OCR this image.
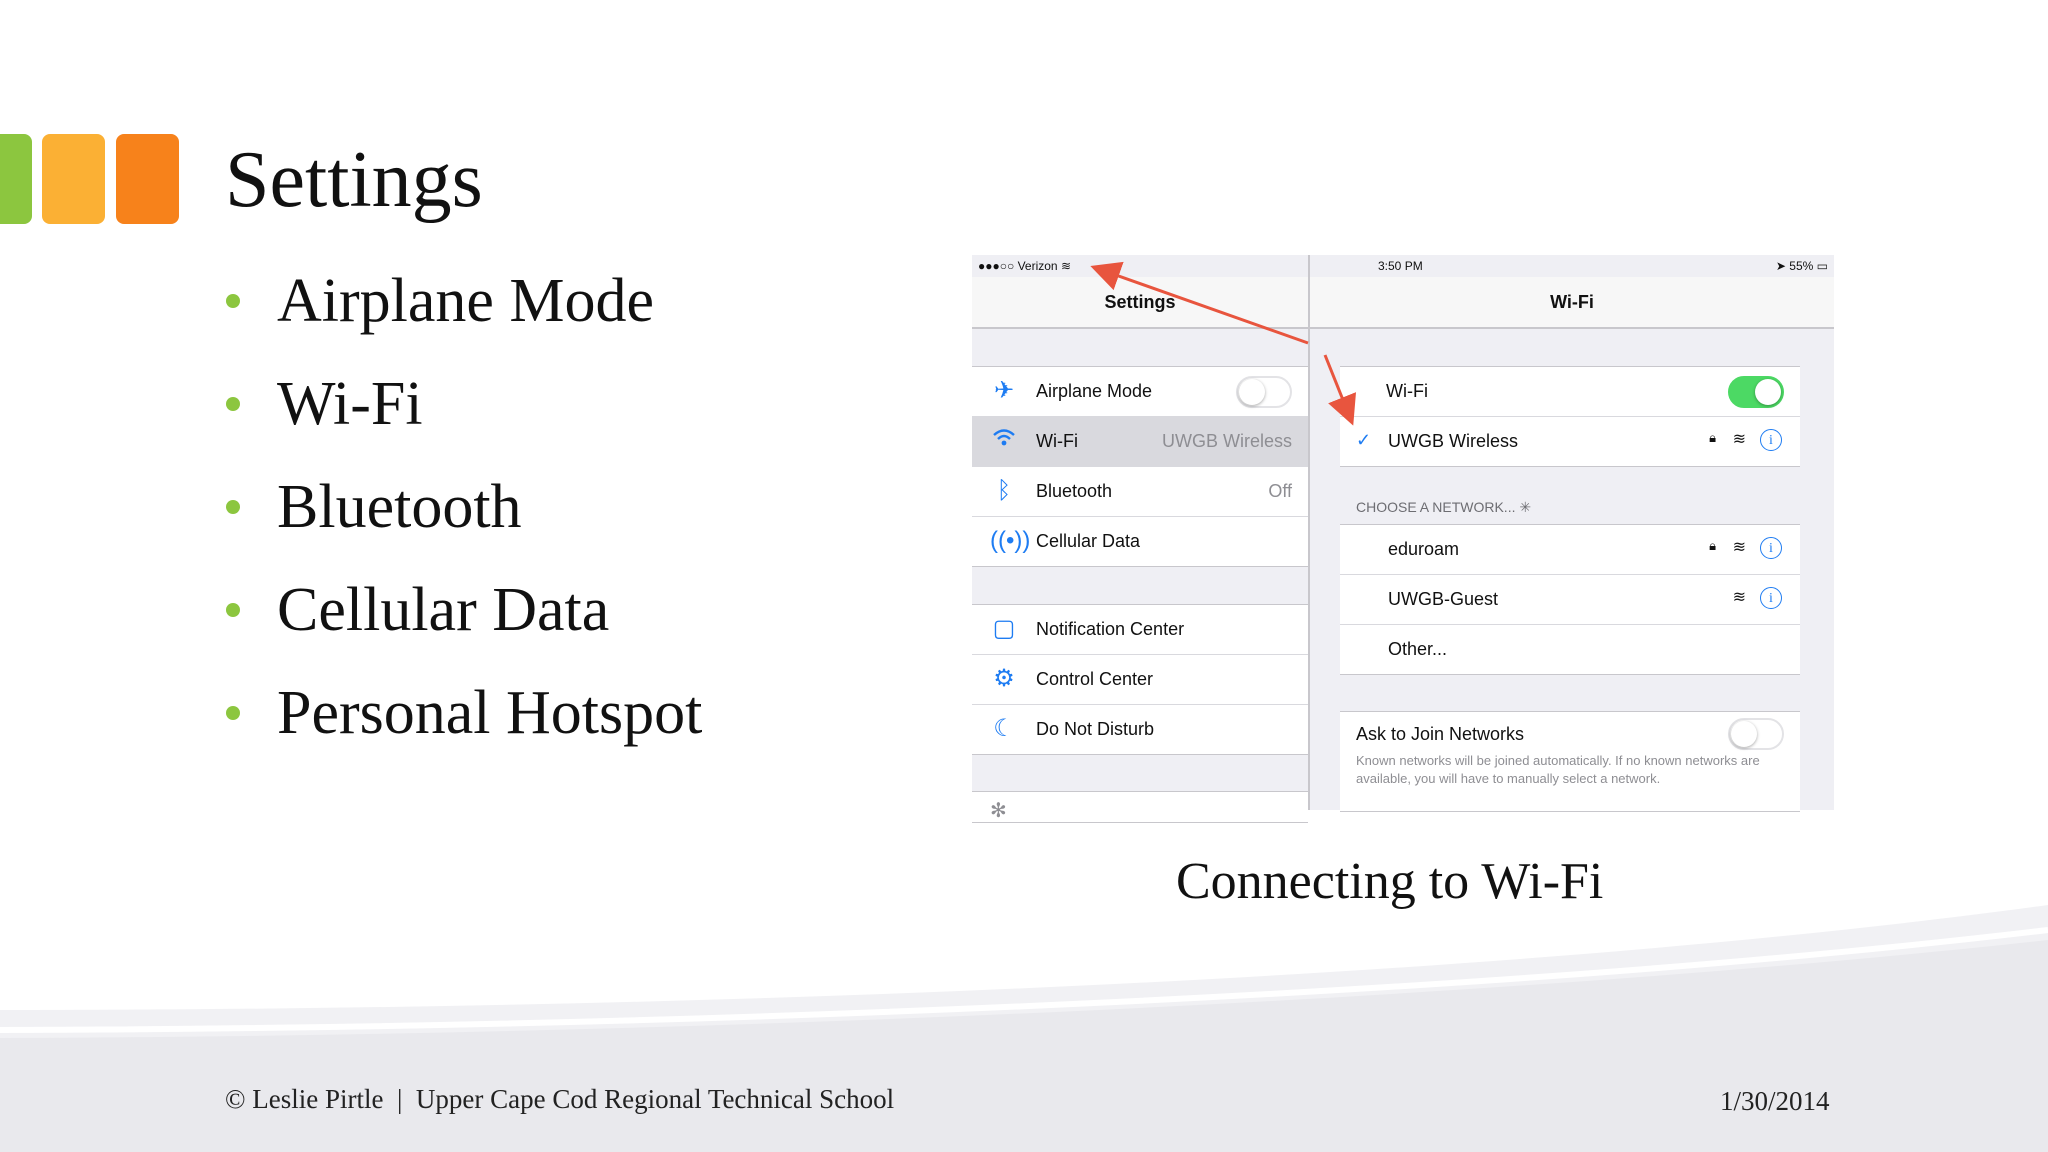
Settings
Airplane Mode
Wi-Fi
Bluetooth
Cellular Data
Personal Hotspot
●●●○○ Verizon ≋
Settings
✈ Airplane Mode
Wi-Fi	UWGB Wireless
ᛒ	Bluetooth	Off
((•)) Cellular Data
▢ Notification Center
⚙ Control Center
☾ Do Not Disturb
✻
3:50 PM	➤ 55% ▭
Wi-Fi
Wi-Fi
✓ UWGB Wireless	🔒︎ ≋	i
CHOOSE A NETWORK... ✳
eduroam	🔒︎ ≋	i
UWGB-Guest	≋	i
Other...
Ask to Join Networks
Known networks will be joined automatically. If no known networks are available, you will have to manually select a network.
Connecting to Wi-Fi
© Leslie Pirtle  |  Upper Cape Cod Regional Technical School	1/30/2014
